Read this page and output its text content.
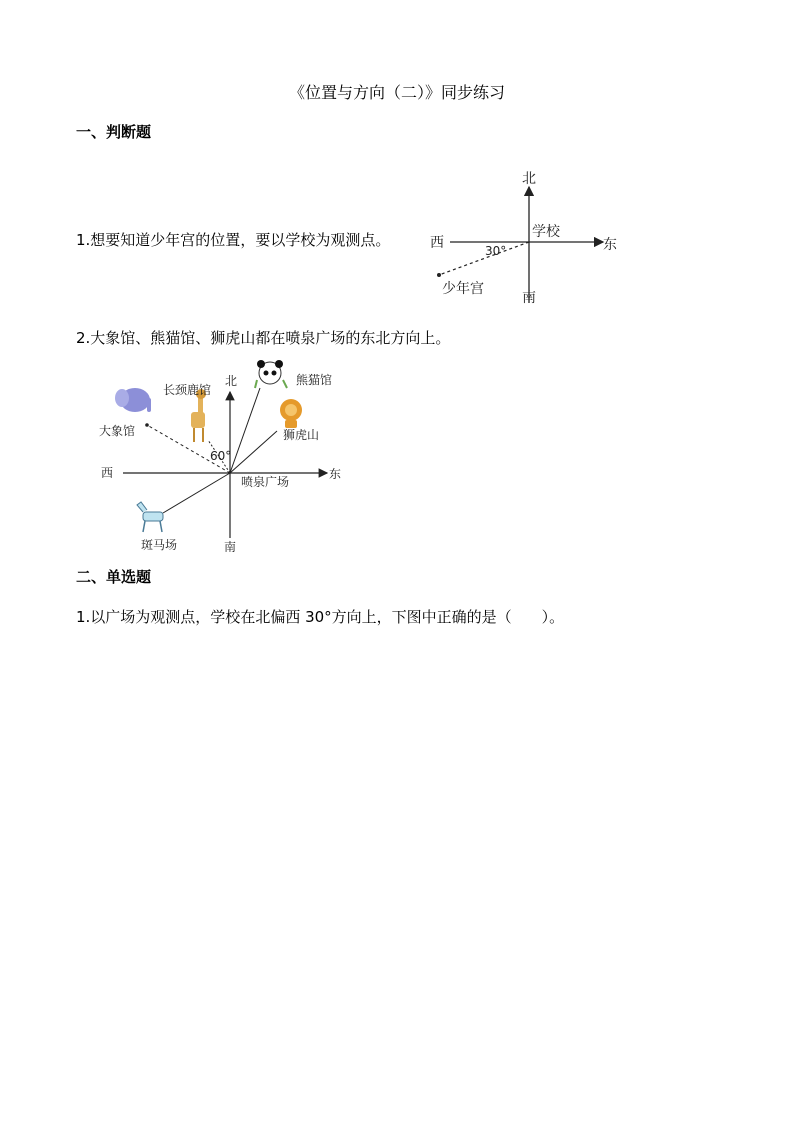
《位置与方向（二）》同步练习
一、判断题
1.想要知道少年宫的位置，要以学校为观测点。
北
南
东
西
学校
30°
少年宫
2.大象馆、熊猫馆、狮虎山都在喷泉广场的东北方向上。
北
南
东
西
喷泉广场
60°
长颈鹿馆
熊猫馆
大象馆	狮虎山
斑马场
二、单选题
1.以广场为观测点，学校在北偏西 30°方向上，下图中正确的是（　　）。
